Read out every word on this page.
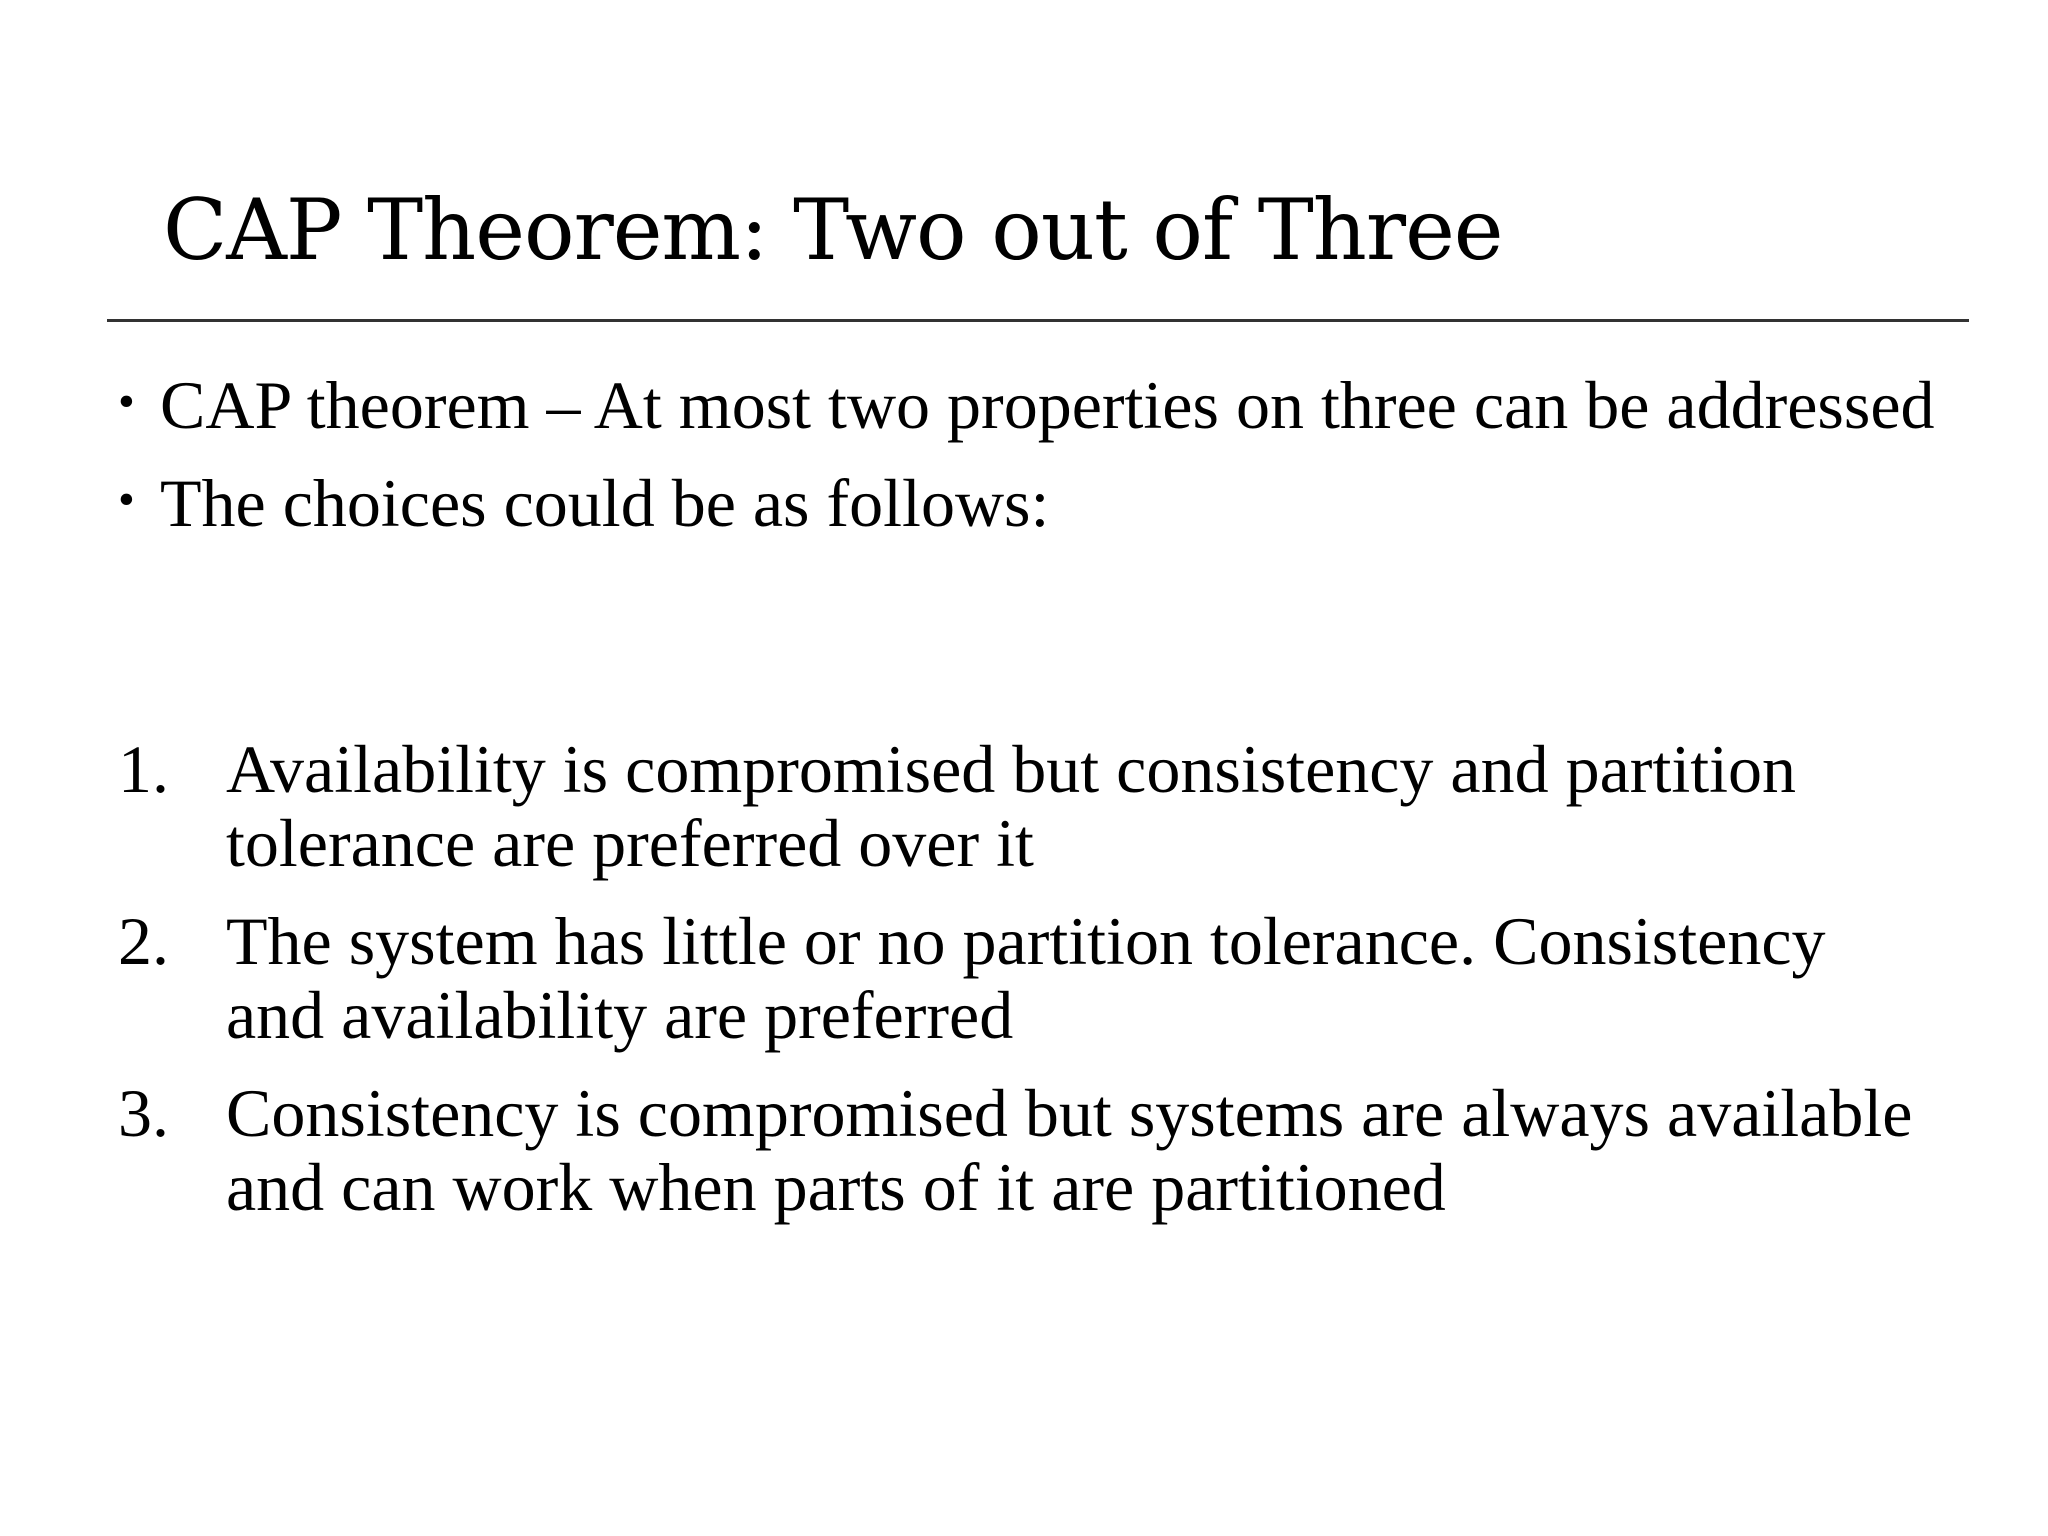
CAP Theorem: Two out of Three
• CAP theorem – At most two properties on three can be addressed
• The choices could be as follows:
1. Availability is compromised but consistency and partition tolerance are preferred over it
2. The system has little or no partition tolerance. Consistency and availability are preferred
3. Consistency is compromised but systems are always available and can work when parts of it are partitioned
